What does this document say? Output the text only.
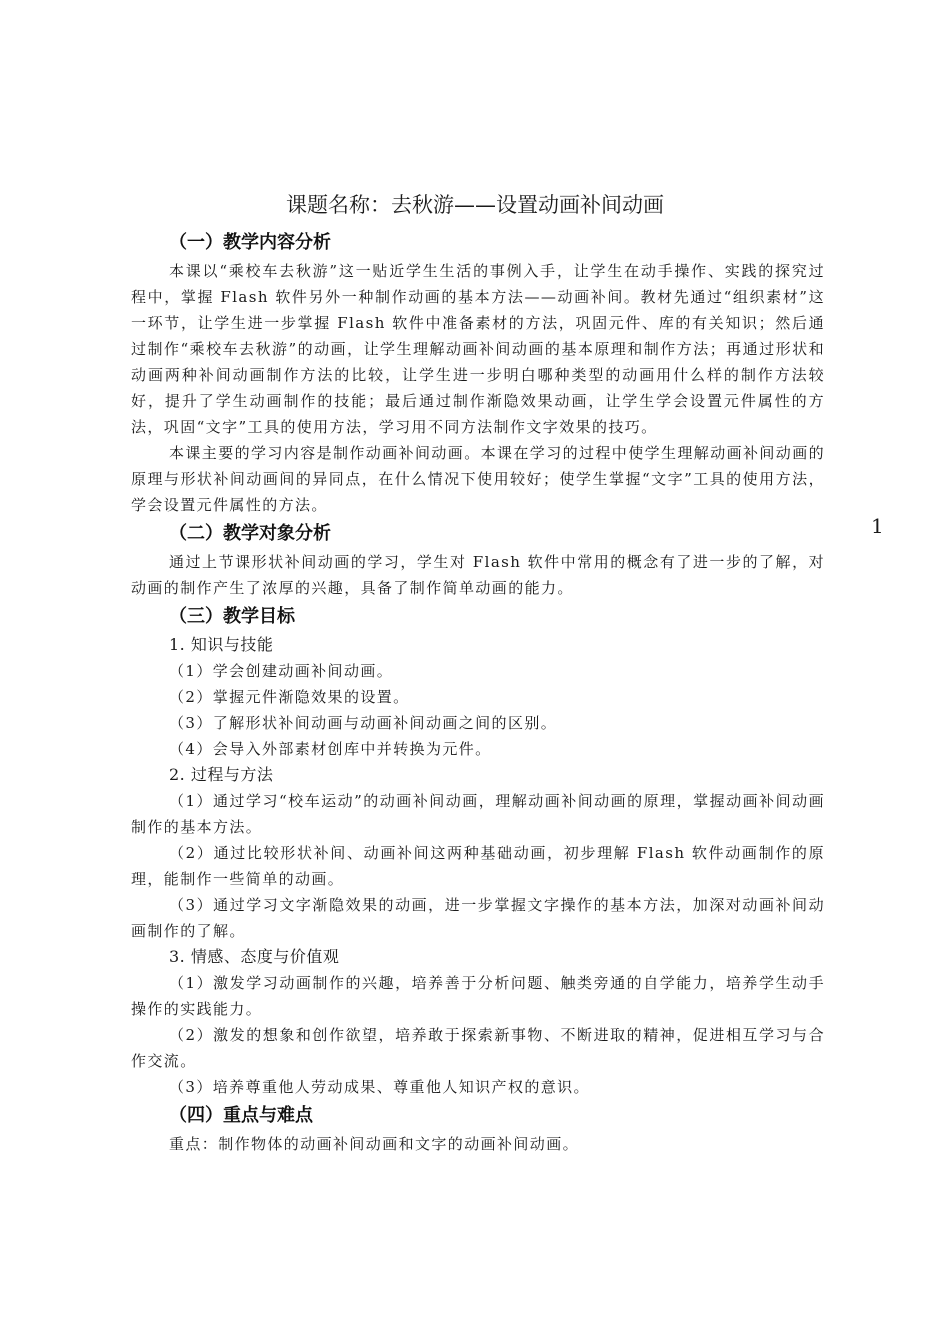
课题名称：去秋游——设置动画补间动画
1
（一）教学内容分析

本课以“乘校车去秋游”这一贴近学生生活的事例入手，让学生在动手操作、实践的探究过程中，掌握 Flash 软件另外一种制作动画的基本方法——动画补间。教材先通过“组织素材”这一环节，让学生进一步掌握 Flash 软件中准备素材的方法，巩固元件、库的有关知识；然后通过制作“乘校车去秋游”的动画，让学生理解动画补间动画的基本原理和制作方法；再通过形状和动画两种补间动画制作方法的比较，让学生进一步明白哪种类型的动画用什么样的制作方法较好，提升了学生动画制作的技能；最后通过制作渐隐效果动画，让学生学会设置元件属性的方法，巩固“文字”工具的使用方法，学习用不同方法制作文字效果的技巧。

本课主要的学习内容是制作动画补间动画。本课在学习的过程中使学生理解动画补间动画的原理与形状补间动画间的异同点，在什么情况下使用较好；使学生掌握“文字”工具的使用方法，学会设置元件属性的方法。

（二）教学对象分析

通过上节课形状补间动画的学习，学生对 Flash 软件中常用的概念有了进一步的了解，对动画的制作产生了浓厚的兴趣，具备了制作简单动画的能力。

（三）教学目标
1. 知识与技能
（1）学会创建动画补间动画。
（2）掌握元件渐隐效果的设置。
（3）了解形状补间动画与动画补间动画之间的区别。
（4）会导入外部素材创库中并转换为元件。
2. 过程与方法

（1）通过学习“校车运动”的动画补间动画，理解动画补间动画的原理，掌握动画补间动画制作的基本方法。

（2）通过比较形状补间、动画补间这两种基础动画，初步理解 Flash 软件动画制作的原理，能制作一些简单的动画。

（3）通过学习文字渐隐效果的动画，进一步掌握文字操作的基本方法，加深对动画补间动画制作的了解。

3. 情感、态度与价值观

（1）激发学习动画制作的兴趣，培养善于分析问题、触类旁通的自学能力，培养学生动手操作的实践能力。

（2）激发的想象和创作欲望，培养敢于探索新事物、不断进取的精神，促进相互学习与合作交流。

（3）培养尊重他人劳动成果、尊重他人知识产权的意识。

（四）重点与难点

重点：制作物体的动画补间动画和文字的动画补间动画。
